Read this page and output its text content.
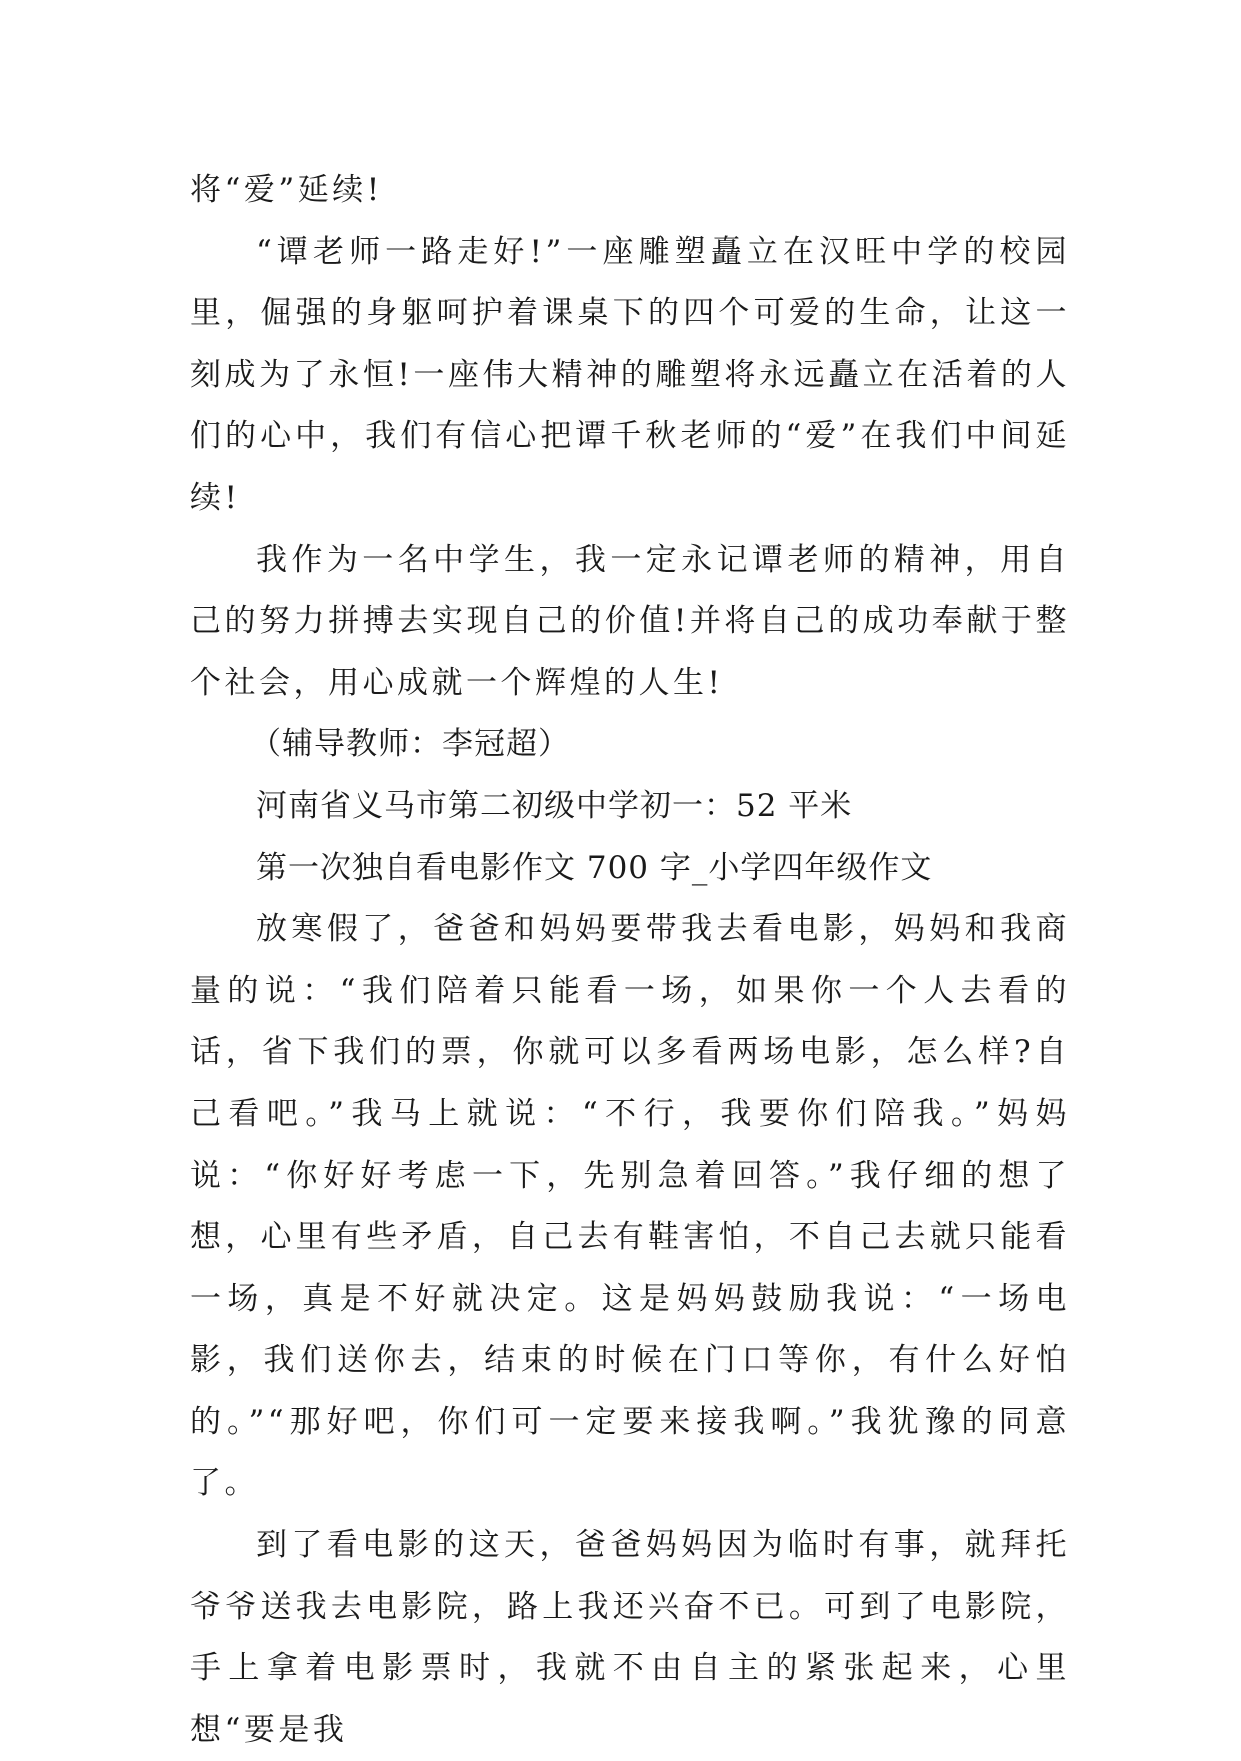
将“爱”延续!

“谭老师一路走好!”一座雕塑矗立在汉旺中学的校园里，倔强的身躯呵护着课桌下的四个可爱的生命，让这一刻成为了永恒!一座伟大精神的雕塑将永远矗立在活着的人们的心中，我们有信心把谭千秋老师的“爱”在我们中间延续!

我作为一名中学生，我一定永记谭老师的精神，用自己的努力拼搏去实现自己的价值!并将自己的成功奉献于整个社会，用心成就一个辉煌的人生!

（辅导教师：李冠超）

河南省义马市第二初级中学初一：52 平米

第一次独自看电影作文 700 字_小学四年级作文

放寒假了，爸爸和妈妈要带我去看电影，妈妈和我商量的说：“我们陪着只能看一场，如果你一个人去看的话，省下我们的票，你就可以多看两场电影，怎么样?自己看吧。”我马上就说：“不行，我要你们陪我。”妈妈说：“你好好考虑一下，先别急着回答。”我仔细的想了想，心里有些矛盾，自己去有鞋害怕，不自己去就只能看一场，真是不好就决定。这是妈妈鼓励我说：“一场电影，我们送你去，结束的时候在门口等你，有什么好怕的。”“那好吧，你们可一定要来接我啊。”我犹豫的同意了。

到了看电影的这天，爸爸妈妈因为临时有事，就拜托爷爷送我去电影院，路上我还兴奋不已。可到了电影院，手上拿着电影票时，我就不由自主的紧张起来，心里想“要是我
